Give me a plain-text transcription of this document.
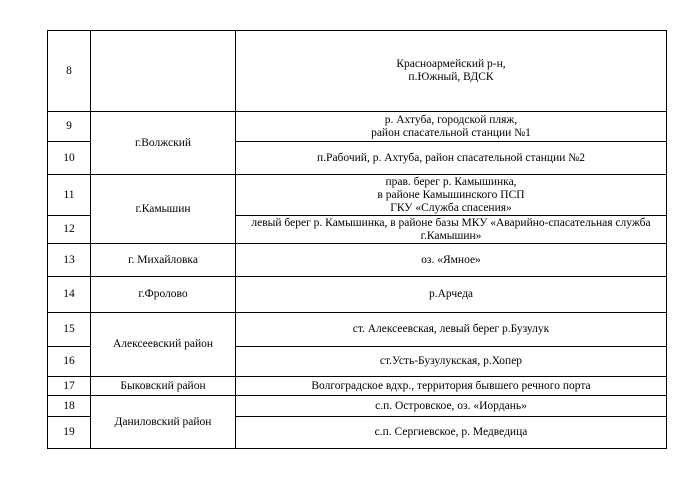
8		Красноармейский р-н,
п.Южный, ВДСК
9	г.Волжский	р. Ахтуба, городской пляж,
район спасательной станции №1
10		п.Рабочий, р. Ахтуба, район спасательной станции №2
11	г.Камышин	прав. берег р. Камышинка,
в районе Камышинского ПСП
ГКУ «Служба спасения»
12		левый берег р. Камышинка, в районе базы МКУ «Аварийно-спасательная служба
г.Камышин»
13	г. Михайловка	оз. «Ямное»
14	г.Фролово	р.Арчеда
15	Алексеевский район	ст. Алексеевская, левый берег р.Бузулук
16		ст.Усть-Бузулукская, р.Хопер
17	Быковский район	Волгоградское вдхр., территория бывшего речного порта
18	Даниловский район	с.п. Островское, оз. «Иордань»
19		с.п. Сергиевское, р. Медведица
